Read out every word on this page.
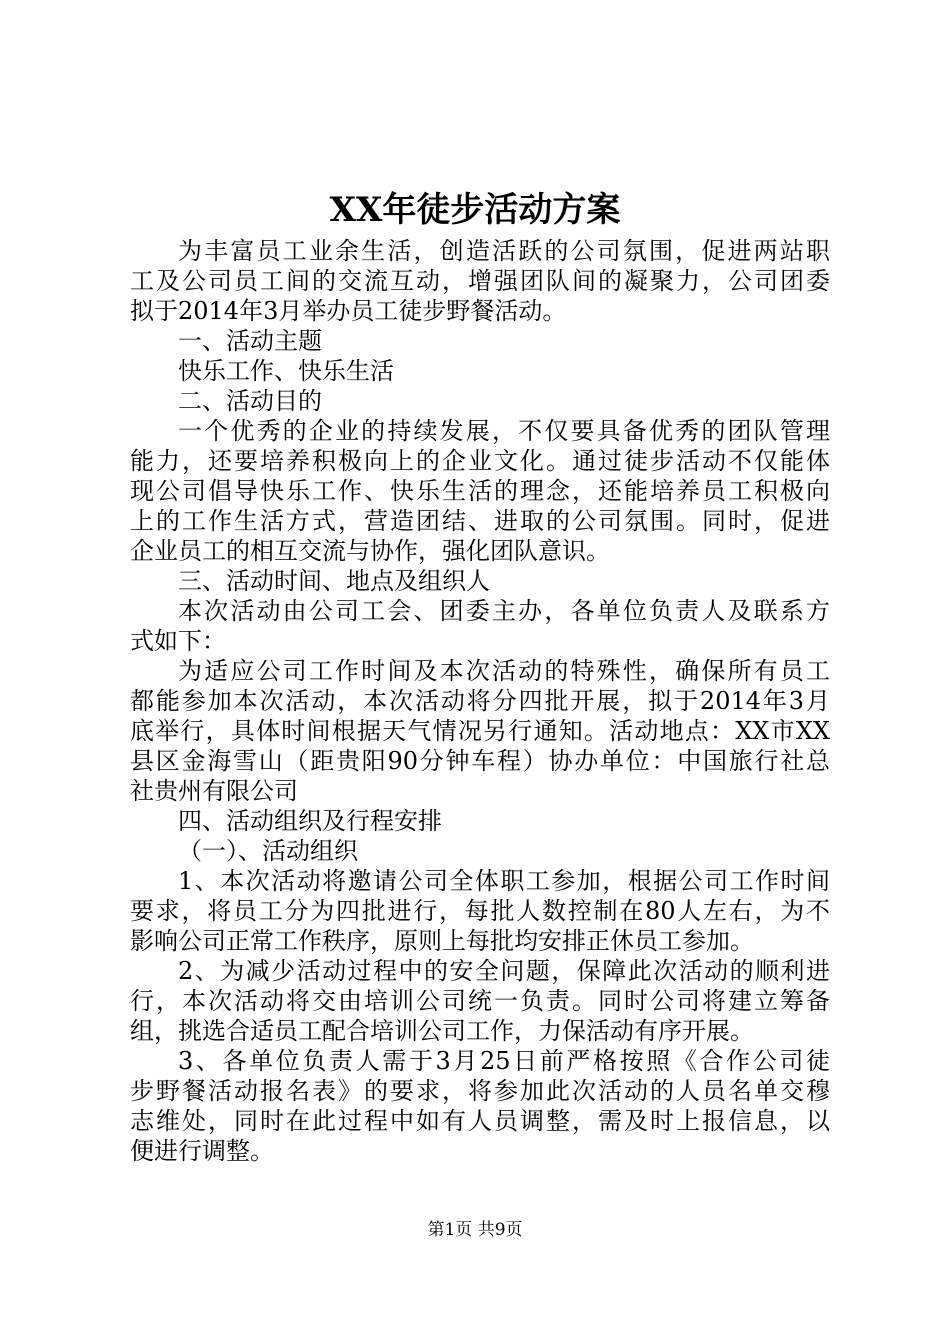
XX年徒步活动方案
为丰富员工业余生活，创造活跃的公司氛围，促进两站职
工及公司员工间的交流互动，增强团队间的凝聚力，公司团委
拟于2014年3月举办员工徒步野餐活动。
一、活动主题
快乐工作、快乐生活
二、活动目的
一个优秀的企业的持续发展，不仅要具备优秀的团队管理
能力，还要培养积极向上的企业文化。通过徒步活动不仅能体
现公司倡导快乐工作、快乐生活的理念，还能培养员工积极向
上的工作生活方式，营造团结、进取的公司氛围。同时，促进
企业员工的相互交流与协作，强化团队意识。
三、活动时间、地点及组织人
本次活动由公司工会、团委主办，各单位负责人及联系方
式如下：
为适应公司工作时间及本次活动的特殊性，确保所有员工
都能参加本次活动，本次活动将分四批开展，拟于2014年3月
底举行，具体时间根据天气情况另行通知。活动地点：XX市XX
县区金海雪山（距贵阳90分钟车程）协办单位：中国旅行社总
社贵州有限公司
四、活动组织及行程安排
（一）、活动组织
1、本次活动将邀请公司全体职工参加，根据公司工作时间
要求，将员工分为四批进行，每批人数控制在80人左右，为不
影响公司正常工作秩序，原则上每批均安排正休员工参加。
2、为减少活动过程中的安全问题，保障此次活动的顺利进
行，本次活动将交由培训公司统一负责。同时公司将建立筹备
组，挑选合适员工配合培训公司工作，力保活动有序开展。
3、各单位负责人需于3月25日前严格按照《合作公司徒
步野餐活动报名表》的要求，将参加此次活动的人员名单交穆
志维处，同时在此过程中如有人员调整，需及时上报信息，以
便进行调整。
第1页 共9页
